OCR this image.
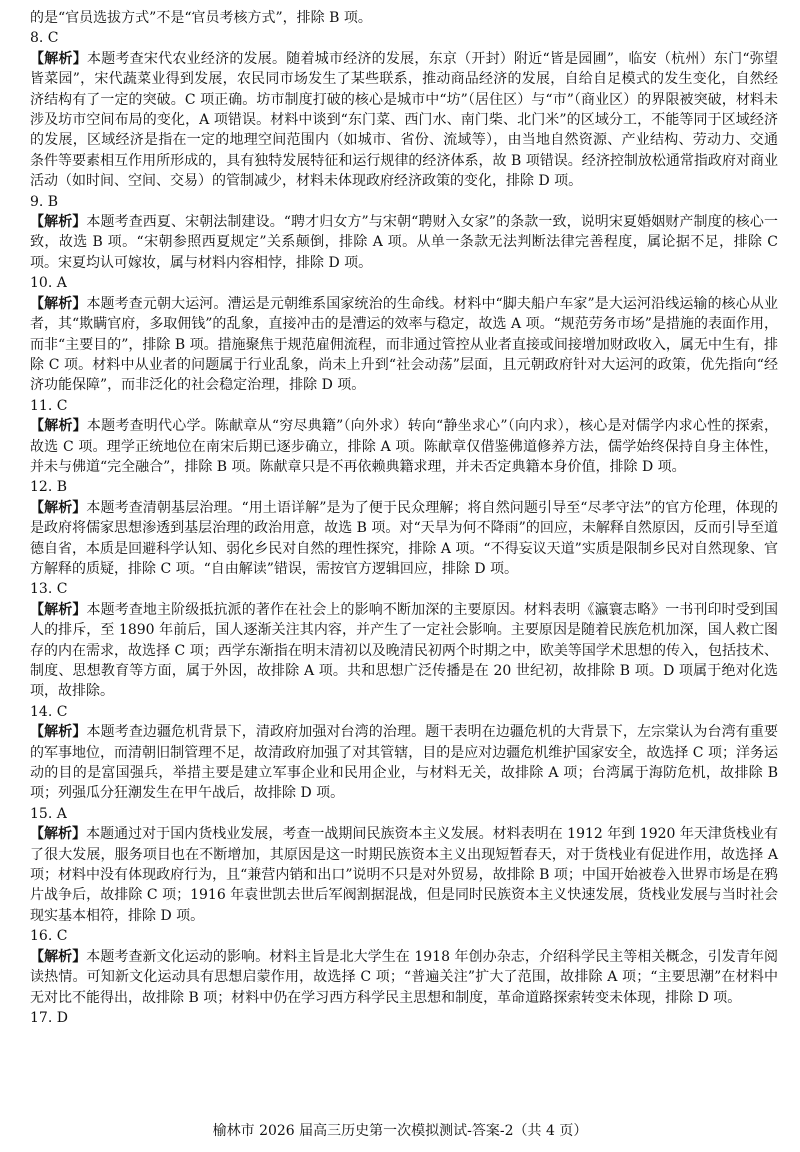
的是“官员选拔方式”不是“官员考核方式”，排除 B 项。

8. C

【解析】本题考查宋代农业经济的发展。随着城市经济的发展，东京（开封）附近“皆是园圃”，临安（杭州）东门“弥望皆菜园”，宋代蔬菜业得到发展，农民同市场发生了某些联系，推动商品经济的发展，自给自足模式的发生变化，自然经济结构有了一定的突破。C 项正确。坊市制度打破的核心是城市中“坊”（居住区）与“市”（商业区）的界限被突破，材料未涉及坊市空间布局的变化，A 项错误。材料中谈到“东门菜、西门水、南门柴、北门米”的区域分工，不能等同于区域经济的发展，区域经济是指在一定的地理空间范围内（如城市、省份、流域等），由当地自然资源、产业结构、劳动力、交通条件等要素相互作用所形成的，具有独特发展特征和运行规律的经济体系，故 B 项错误。经济控制放松通常指政府对商业活动（如时间、空间、交易）的管制减少，材料未体现政府经济政策的变化，排除 D 项。

9. B

【解析】本题考查西夏、宋朝法制建设。“聘才归女方”与宋朝“聘财入女家”的条款一致，说明宋夏婚姻财产制度的核心一致，故选 B 项。“宋朝参照西夏规定”关系颠倒，排除 A 项。从单一条款无法判断法律完善程度，属论据不足，排除 C 项。宋夏均认可嫁妆，属与材料内容相悖，排除 D 项。

10. A

【解析】本题考查元朝大运河。漕运是元朝维系国家统治的生命线。材料中“脚夫船户车家”是大运河沿线运输的核心从业者，其“欺瞒官府，多取佣钱”的乱象，直接冲击的是漕运的效率与稳定，故选 A 项。“规范劳务市场”是措施的表面作用，而非“主要目的”，排除 B 项。措施聚焦于规范雇佣流程，而非通过管控从业者直接或间接增加财政收入，属无中生有，排除 C 项。材料中从业者的问题属于行业乱象，尚未上升到“社会动荡”层面，且元朝政府针对大运河的政策，优先指向“经济功能保障”，而非泛化的社会稳定治理，排除 D 项。

11. C

【解析】本题考查明代心学。陈献章从“穷尽典籍”（向外求）转向“静坐求心”（向内求），核心是对儒学内求心性的探索，故选 C 项。理学正统地位在南宋后期已逐步确立，排除 A 项。陈献章仅借鉴佛道修养方法，儒学始终保持自身主体性，并未与佛道“完全融合”，排除 B 项。陈献章只是不再依赖典籍求理，并未否定典籍本身价值，排除 D 项。

12. B

【解析】本题考查清朝基层治理。“用土语详解”是为了便于民众理解；将自然问题引导至“尽孝守法”的官方伦理，体现的是政府将儒家思想渗透到基层治理的政治用意，故选 B 项。对“天旱为何不降雨”的回应，未解释自然原因，反而引导至道德自省，本质是回避科学认知、弱化乡民对自然的理性探究，排除 A 项。“不得妄议天道”实质是限制乡民对自然现象、官方解释的质疑，排除 C 项。“自由解读”错误，需按官方逻辑回应，排除 D 项。

13. C

【解析】本题考查地主阶级抵抗派的著作在社会上的影响不断加深的主要原因。材料表明《瀛寰志略》一书刊印时受到国人的排斥，至 1890 年前后，国人逐渐关注其内容，并产生了一定社会影响。主要原因是随着民族危机加深，国人救亡图存的内在需求，故选择 C 项；西学东渐指在明末清初以及晚清民初两个时期之中，欧美等国学术思想的传入，包括技术、制度、思想教育等方面，属于外因，故排除 A 项。共和思想广泛传播是在 20 世纪初，故排除 B 项。D 项属于绝对化选项，故排除。

14. C

【解析】本题考查边疆危机背景下，清政府加强对台湾的治理。题干表明在边疆危机的大背景下，左宗棠认为台湾有重要的军事地位，而清朝旧制管理不足，故清政府加强了对其管辖，目的是应对边疆危机维护国家安全，故选择 C 项；洋务运动的目的是富国强兵，举措主要是建立军事企业和民用企业，与材料无关，故排除 A 项；台湾属于海防危机，故排除 B 项；列强瓜分狂潮发生在甲午战后，故排除 D 项。

15. A

【解析】本题通过对于国内货栈业发展，考查一战期间民族资本主义发展。材料表明在 1912 年到 1920 年天津货栈业有了很大发展，服务项目也在不断增加，其原因是这一时期民族资本主义出现短暂春天，对于货栈业有促进作用，故选择 A 项；材料中没有体现政府行为，且“兼营内销和出口”说明不只是对外贸易，故排除 B 项；中国开始被卷入世界市场是在鸦片战争后，故排除 C 项；1916 年袁世凯去世后军阀割据混战，但是同时民族资本主义快速发展，货栈业发展与当时社会现实基本相符，排除 D 项。

16. C

【解析】本题考查新文化运动的影响。材料主旨是北大学生在 1918 年创办杂志，介绍科学民主等相关概念，引发青年阅读热情。可知新文化运动具有思想启蒙作用，故选择 C 项；“普遍关注”扩大了范围，故排除 A 项；“主要思潮”在材料中无对比不能得出，故排除 B 项；材料中仍在学习西方科学民主思想和制度，革命道路探索转变未体现，排除 D 项。

17. D

榆林市 2026 届高三历史第一次模拟测试-答案-2（共 4 页）
